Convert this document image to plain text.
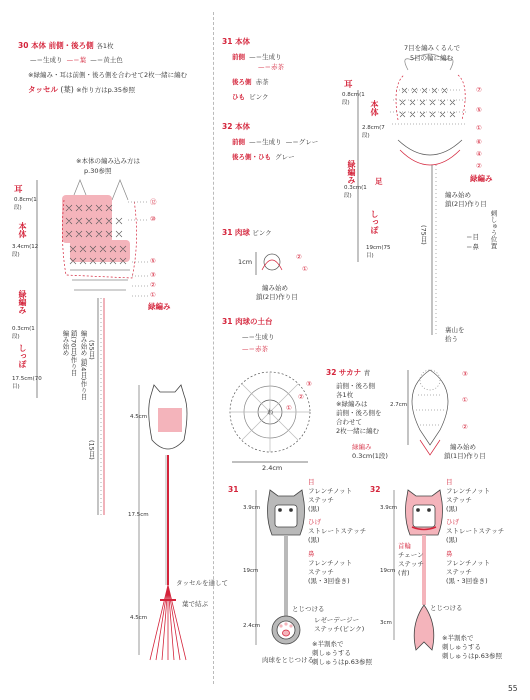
30 本体 前側・後ろ側 各1枚
—＝生成り —＝葉 —＝黄土色
※緑編み・耳は前側・後ろ側を合わせて2枚一緒に編む
タッセル (葉) ※作り方はp.35参照
※本体の編み込み方は
p.30参照
耳
0.8cm(1段)
本体
3.4cm(12段)
緑編み
0.3cm(1段)
しっぽ
17.5cm(70目)
編み始め 鎖(70目)作り目 編み始め 鎖(4目)作り目 (55目)
(15目)
⑫
⑩
⑤
③
②
①
緑編み
4.5cm
17.5cm
4.5cm
タッセルを通して
葉で結ぶ
31 本体
前側 —＝生成り
—＝赤茶
後ろ側 赤茶
ひも ピンク
32 本体
前側 —＝生成り —＝グレー
後ろ側・ひも グレー
7目を編みくるんで
5目の輪に編む
耳
0.8cm(1段)	本体
2.8cm(7段)
緑編み
0.3cm(1段)
足
しっぽ
19cm(75目)
編み始め
鎖(2目)作り目
刺しゅう位置
＝目
＝鼻
(75目)
裏山を
拾う
⑦
⑤
①
⑥
④
②
緑編み
31 肉球 ピンク
1cm
編み始め
鎖(2目)作り目
②
①
31 肉球の土台
—＝生成り
—＝赤茶
2.4cm
③
②
①
わ
32 サカナ 青
前側・後ろ側
各1枚
※緑編みは
前側・後ろ側を
合わせて
2枚一緒に編む
2.7cm
緑編み
0.3cm(1段)
編み始め
鎖(1目)作り目
③
①
②
31
目
フレンチノット
ステッチ
(黒)
ひげ
ストレートステッチ
(黒)
鼻
フレンチノット
ステッチ
(黒・3回巻き)
3.9cm
19cm
2.4cm
とじつける
レゼーデージー
ステッチ(ピンク)
※半割糸で
刺しゅうする
刺しゅうはp.63参照
肉球をとじつける
32
目
フレンチノット
ステッチ
(黒)
ひげ
ストレートステッチ
(黒)
首輪
チェーン
ステッチ
(青)
鼻
フレンチノット
ステッチ
(黒・3回巻き)
3.9cm
19cm
3cm
とじつける
※半割糸で
刺しゅうする
刺しゅうはp.63参照
55
